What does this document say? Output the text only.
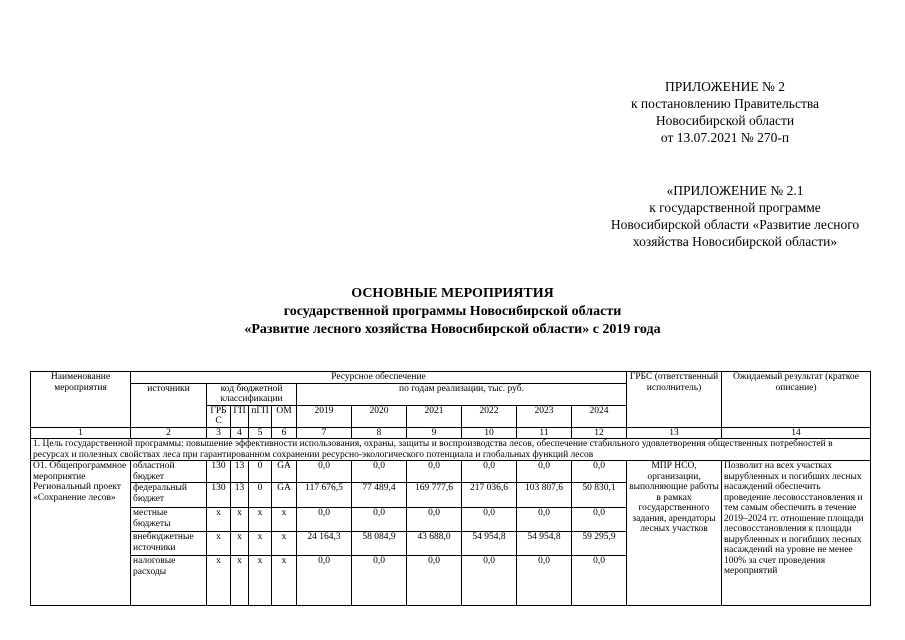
ПРИЛОЖЕНИЕ № 2
к постановлению Правительства
Новосибирской области
от 13.07.2021 № 270-п
«ПРИЛОЖЕНИЕ № 2.1
к государственной программе
Новосибирской области «Развитие лесного
хозяйства Новосибирской области»
ОСНОВНЫЕ МЕРОПРИЯТИЯ
государственной программы Новосибирской области
«Развитие лесного хозяйства Новосибирской области» с 2019 года
Наименование мероприятия	Ресурсное обеспечение											ГРБС (ответственный исполнитель)	Ожидаемый результат (краткое описание)
	источники	код бюджетной классификации				по годам реализации, тыс. руб.							
		ГРБС	ГП	пГП	ОМ	2019	2020	2021	2022	2023	2024		
1	2	3	4	5	6	7	8	9	10	11	12	13	14
1. Цель государственной программы: повышение эффективности использования, охраны, защиты и воспроизводства лесов, обеспечение стабильного удовлетворения общественных потребностей в ресурсах и полезных свойствах леса при гарантированном сохранении ресурсно-экологического потенциала и глобальных функций лесов													
О1. Общепрограммное мероприятие Региональный проект «Сохранение лесов»	областной бюджет	130	13	0	GA	0,0	0,0	0,0	0,0	0,0	0,0	МПР НСО, организации, выполняющие работы в рамках государственного задания, арендаторы лесных участков	Позволит на всех участках вырубленных и погибших лесных насаждений обеспечить проведение лесовосстановления и тем самым обеспечить в течение 2019–2024 гг. отношение площади лесовосстановления к площади вырубленных и погибших лесных насаждений на уровне не менее 100% за счет проведения мероприятий
	федеральный бюджет	130	13	0	GA	117 676,5	77 489,4	169 777,6	217 036,6	103 807,6	50 830,1		
	местные бюджеты	x	x	x	x	0,0	0,0	0,0	0,0	0,0	0,0		
	внебюджетные источники	x	x	x	x	24 164,3	58 084,9	43 688,0	54 954,8	54 954,8	59 295,9		
	налоговые расходы	x	x	x	x	0,0	0,0	0,0	0,0	0,0	0,0		
